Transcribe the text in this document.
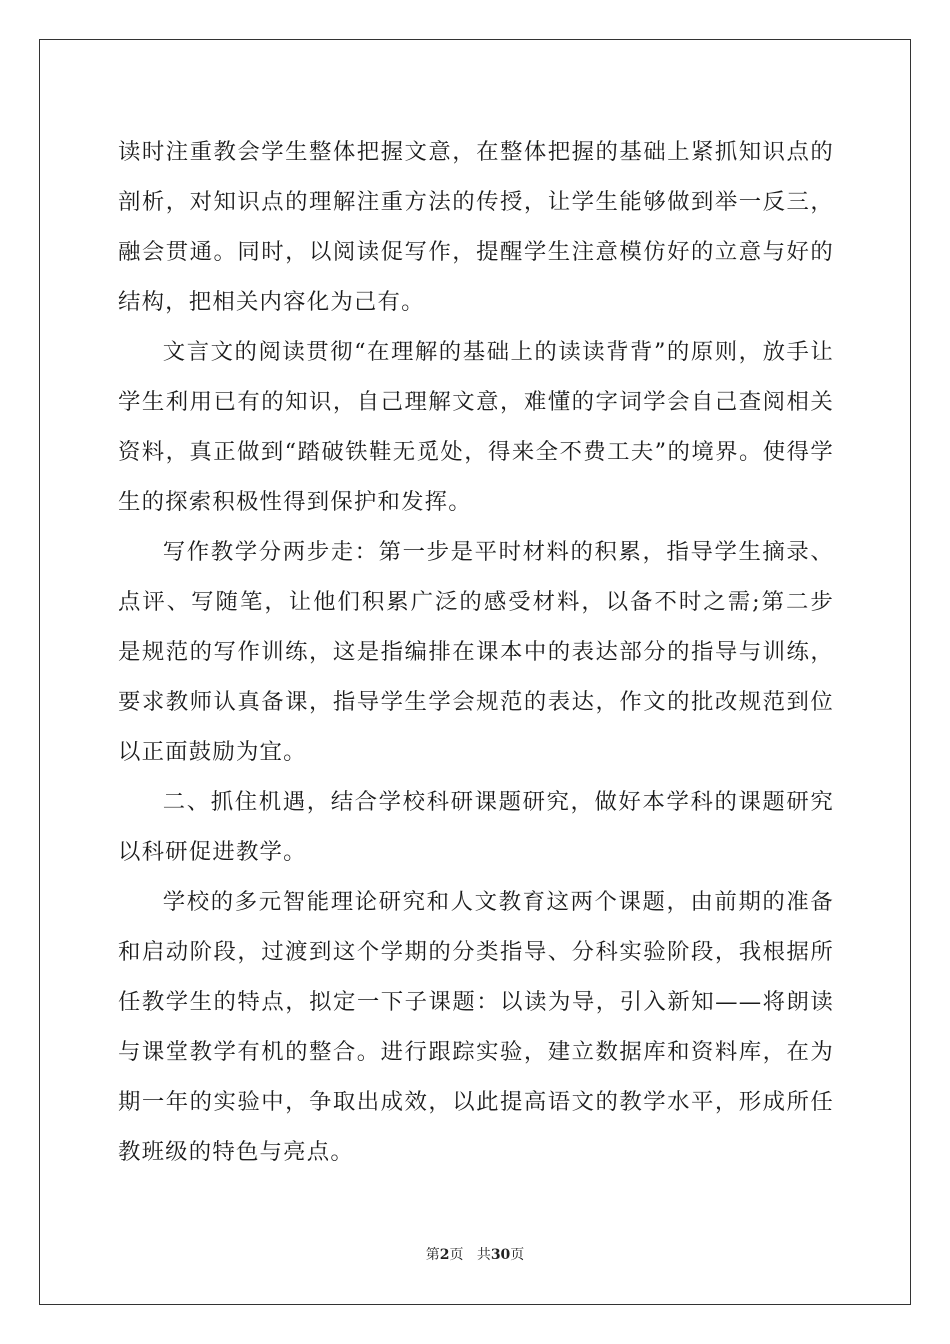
读时注重教会学生整体把握文意，在整体把握的基础上紧抓知识点的剖析，对知识点的理解注重方法的传授，让学生能够做到举一反三，融会贯通。同时，以阅读促写作，提醒学生注意模仿好的立意与好的结构，把相关内容化为己有。

文言文的阅读贯彻“在理解的基础上的读读背背”的原则，放手让学生利用已有的知识，自己理解文意，难懂的字词学会自己查阅相关资料，真正做到“踏破铁鞋无觅处，得来全不费工夫”的境界。使得学生的探索积极性得到保护和发挥。

写作教学分两步走：第一步是平时材料的积累，指导学生摘录、点评、写随笔，让他们积累广泛的感受材料，以备不时之需;第二步是规范的写作训练，这是指编排在课本中的表达部分的指导与训练，要求教师认真备课，指导学生学会规范的表达，作文的批改规范到位以正面鼓励为宜。

二、抓住机遇，结合学校科研课题研究，做好本学科的课题研究以科研促进教学。

学校的多元智能理论研究和人文教育这两个课题，由前期的准备和启动阶段，过渡到这个学期的分类指导、分科实验阶段，我根据所任教学生的特点，拟定一下子课题：以读为导，引入新知——将朗读与课堂教学有机的整合。进行跟踪实验，建立数据库和资料库，在为期一年的实验中，争取出成效，以此提高语文的教学水平，形成所任教班级的特色与亮点。

第2页 共30页
